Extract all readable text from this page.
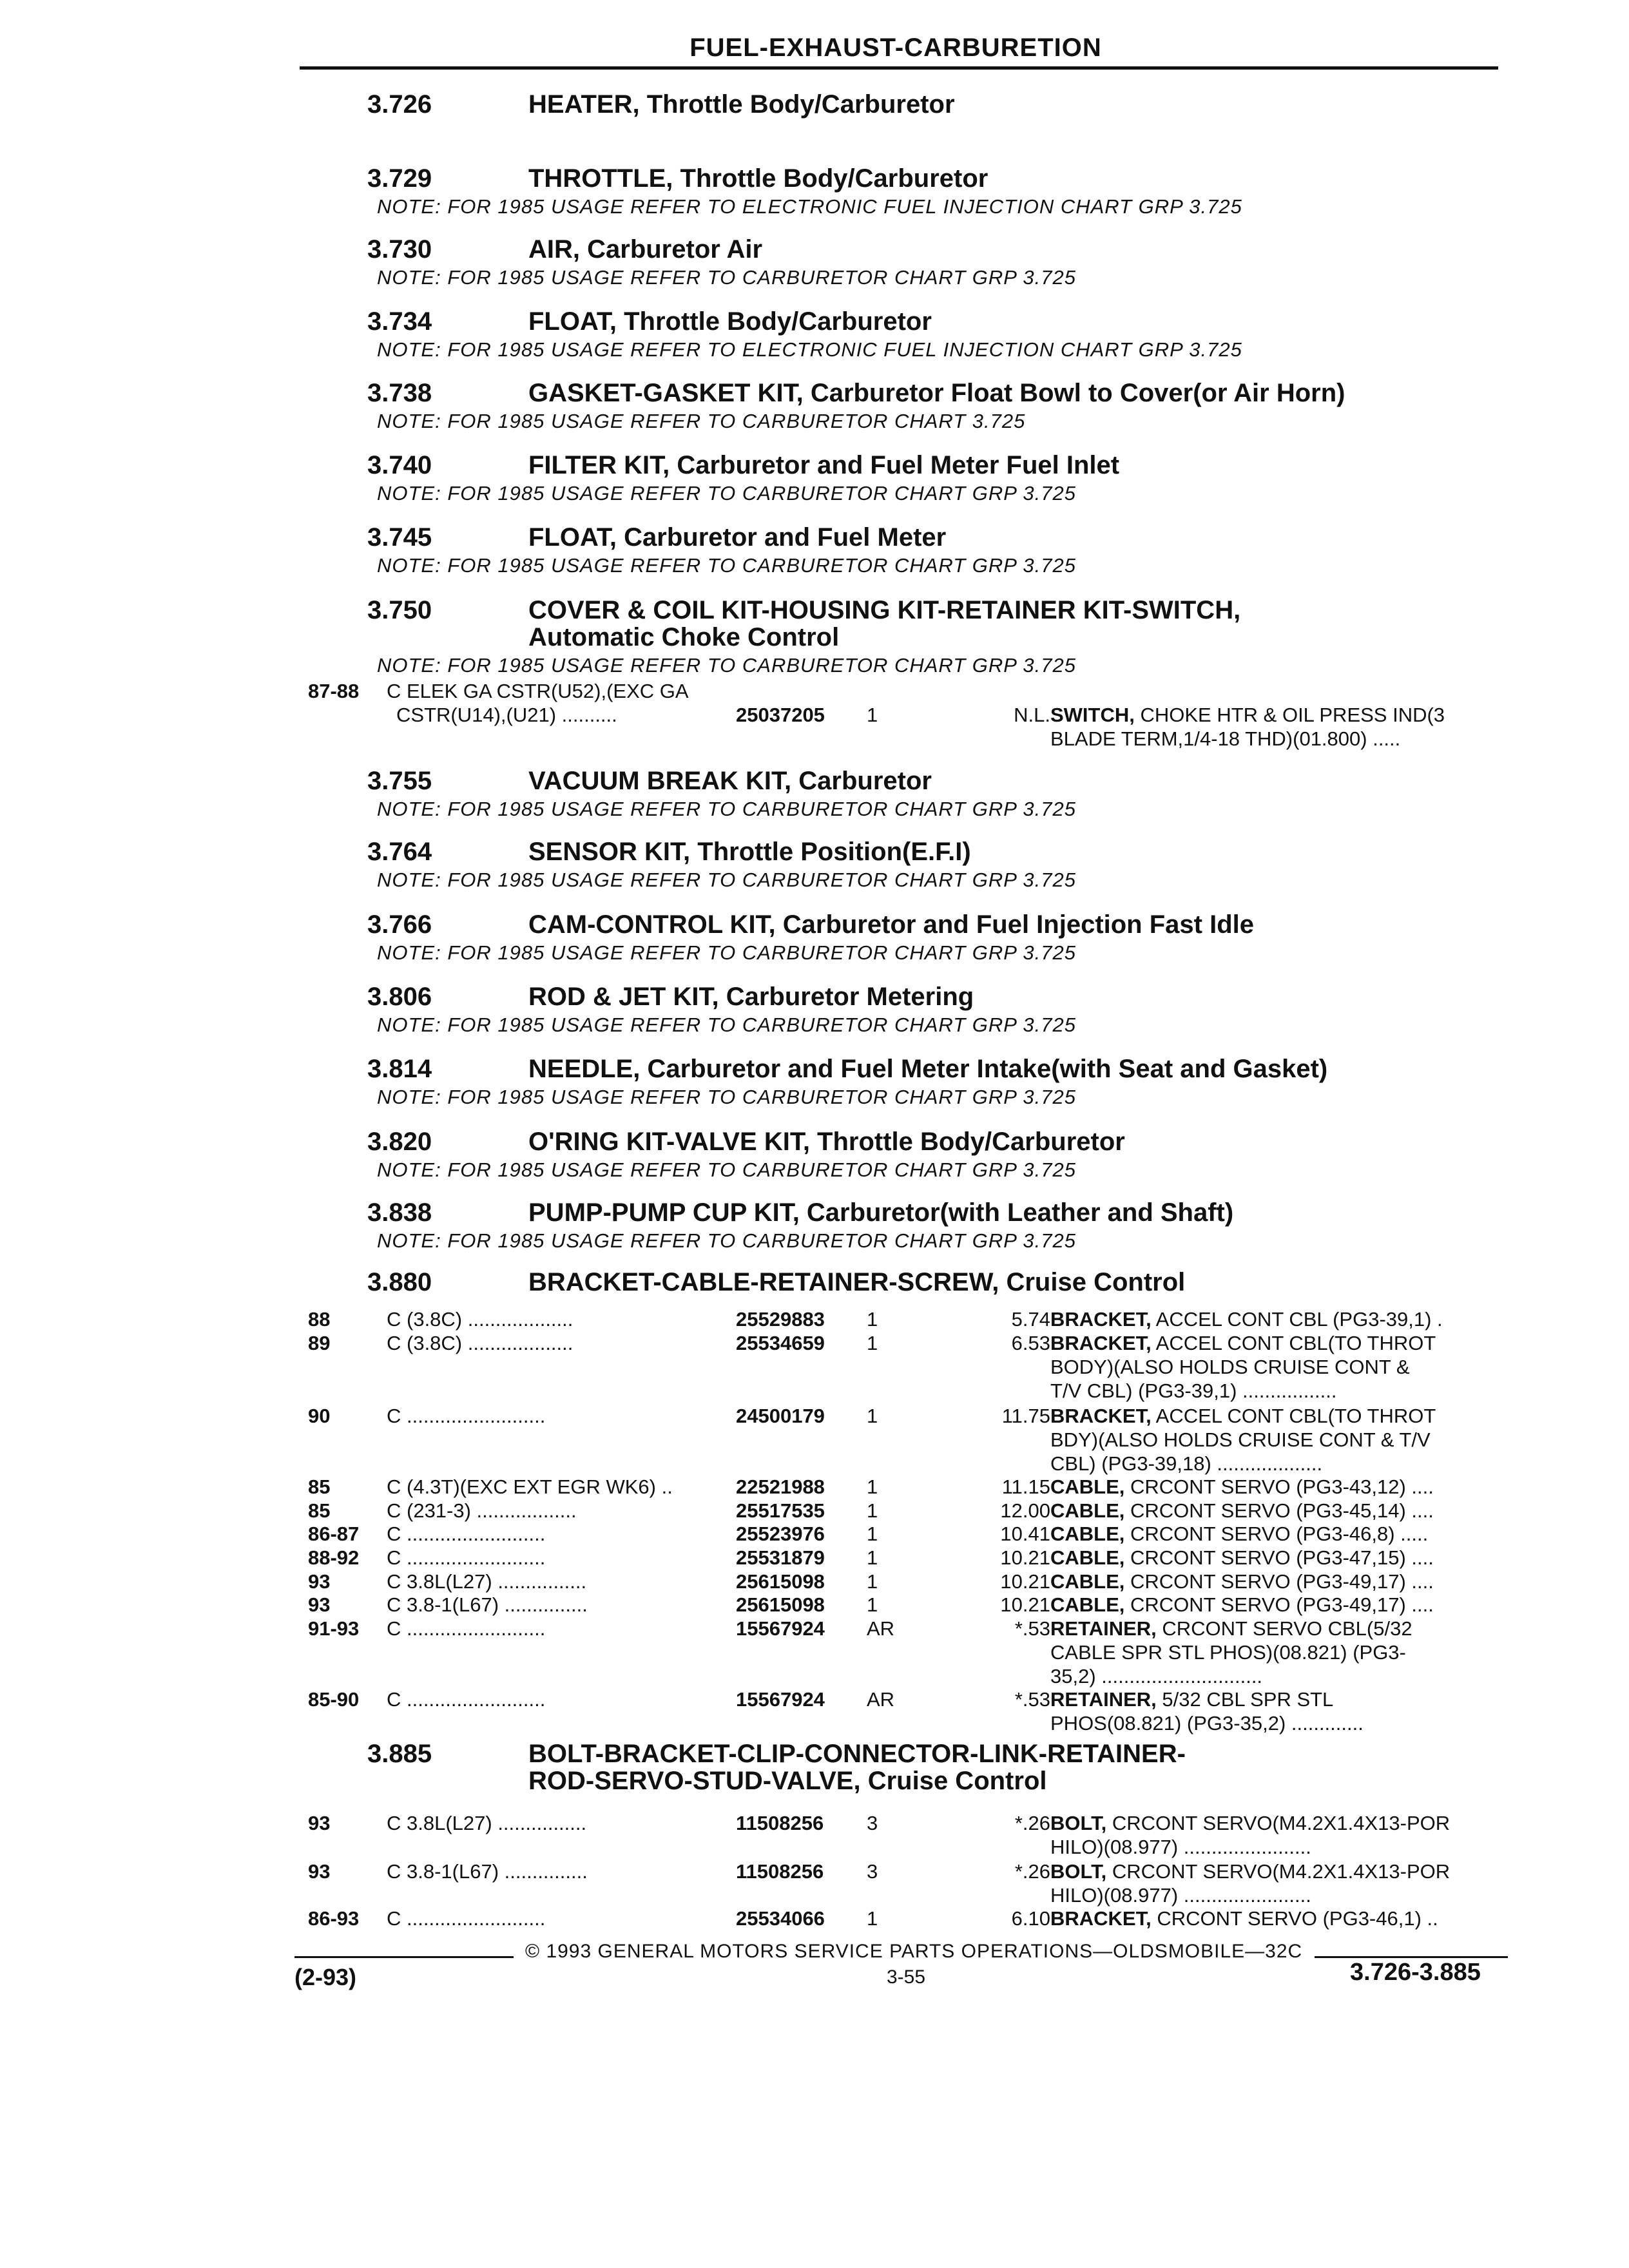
FUEL-EXHAUST-CARBURETION
3.726	HEATER, Throttle Body/Carburetor
3.729	THROTTLE, Throttle Body/Carburetor
NOTE: FOR 1985 USAGE REFER TO ELECTRONIC FUEL INJECTION CHART GRP 3.725
3.730	AIR, Carburetor Air
NOTE: FOR 1985 USAGE REFER TO CARBURETOR CHART GRP 3.725
3.734	FLOAT, Throttle Body/Carburetor
NOTE: FOR 1985 USAGE REFER TO ELECTRONIC FUEL INJECTION CHART GRP 3.725
3.738	GASKET-GASKET KIT, Carburetor Float Bowl to Cover(or Air Horn)
NOTE: FOR 1985 USAGE REFER TO CARBURETOR CHART 3.725
3.740	FILTER KIT, Carburetor and Fuel Meter Fuel Inlet
NOTE: FOR 1985 USAGE REFER TO CARBURETOR CHART GRP 3.725
3.745	FLOAT, Carburetor and Fuel Meter
NOTE: FOR 1985 USAGE REFER TO CARBURETOR CHART GRP 3.725
3.750	COVER & COIL KIT-HOUSING KIT-RETAINER KIT-SWITCH,
Automatic Choke Control
NOTE: FOR 1985 USAGE REFER TO CARBURETOR CHART GRP 3.725
3.755	VACUUM BREAK KIT, Carburetor
NOTE: FOR 1985 USAGE REFER TO CARBURETOR CHART GRP 3.725
3.764	SENSOR KIT, Throttle Position(E.F.I)
NOTE: FOR 1985 USAGE REFER TO CARBURETOR CHART GRP 3.725
3.766	CAM-CONTROL KIT, Carburetor and Fuel Injection Fast Idle
NOTE: FOR 1985 USAGE REFER TO CARBURETOR CHART GRP 3.725
3.806	ROD & JET KIT, Carburetor Metering
NOTE: FOR 1985 USAGE REFER TO CARBURETOR CHART GRP 3.725
3.814	NEEDLE, Carburetor and Fuel Meter Intake(with Seat and Gasket)
NOTE: FOR 1985 USAGE REFER TO CARBURETOR CHART GRP 3.725
3.820	O'RING KIT-VALVE KIT, Throttle Body/Carburetor
NOTE: FOR 1985 USAGE REFER TO CARBURETOR CHART GRP 3.725
3.838	PUMP-PUMP CUP KIT, Carburetor(with Leather and Shaft)
NOTE: FOR 1985 USAGE REFER TO CARBURETOR CHART GRP 3.725
3.880	BRACKET-CABLE-RETAINER-SCREW, Cruise Control
3.885	BOLT-BRACKET-CLIP-CONNECTOR-LINK-RETAINER-
ROD-SERVO-STUD-VALVE, Cruise Control
87-88 C ELEK GA CSTR(U52),(EXC GA
CSTR(U14),(U21) ..........	25037205 1	N.L. SWITCH, CHOKE HTR & OIL PRESS IND(3
BLADE TERM,1/4-18 THD)(01.800) .....
88	C (3.8C) ...................	25529883 1	5.74 BRACKET, ACCEL CONT CBL (PG3-39,1) .
89	C (3.8C) ...................	25534659 1	6.53 BRACKET, ACCEL CONT CBL(TO THROT
BODY)(ALSO HOLDS CRUISE CONT &
T/V CBL) (PG3-39,1) .................
90	C .........................	24500179 1	11.75 BRACKET, ACCEL CONT CBL(TO THROT
BDY)(ALSO HOLDS CRUISE CONT & T/V
CBL) (PG3-39,18) ...................
85	C (4.3T)(EXC EXT EGR WK6) ..	22521988 1	11.15 CABLE, CRCONT SERVO (PG3-43,12) ....
85	C (231-3) ..................	25517535 1	12.00 CABLE, CRCONT SERVO (PG3-45,14) ....
86-87 C .........................	25523976 1	10.41 CABLE, CRCONT SERVO (PG3-46,8) .....
88-92 C .........................	25531879 1	10.21 CABLE, CRCONT SERVO (PG3-47,15) ....
93	C 3.8L(L27) ................	25615098 1	10.21 CABLE, CRCONT SERVO (PG3-49,17) ....
93	C 3.8-1(L67) ...............	25615098 1	10.21 CABLE, CRCONT SERVO (PG3-49,17) ....
91-93 C .........................	15567924 AR	*.53 RETAINER, CRCONT SERVO CBL(5/32
CABLE SPR STL PHOS)(08.821) (PG3-
35,2) .............................
85-90 C .........................	15567924 AR	*.53 RETAINER, 5/32 CBL SPR STL
PHOS(08.821) (PG3-35,2) .............
93	C 3.8L(L27) ................	11508256 3	*.26 BOLT, CRCONT SERVO(M4.2X1.4X13-POR
HILO)(08.977) .......................
93	C 3.8-1(L67) ...............	11508256 3	*.26 BOLT, CRCONT SERVO(M4.2X1.4X13-POR
HILO)(08.977) .......................
86-93 C .........................	25534066 1	6.10 BRACKET, CRCONT SERVO (PG3-46,1) ..
© 1993 GENERAL MOTORS SERVICE PARTS OPERATIONS—OLDSMOBILE—32C
(2-93)	3-55	3.726-3.885
